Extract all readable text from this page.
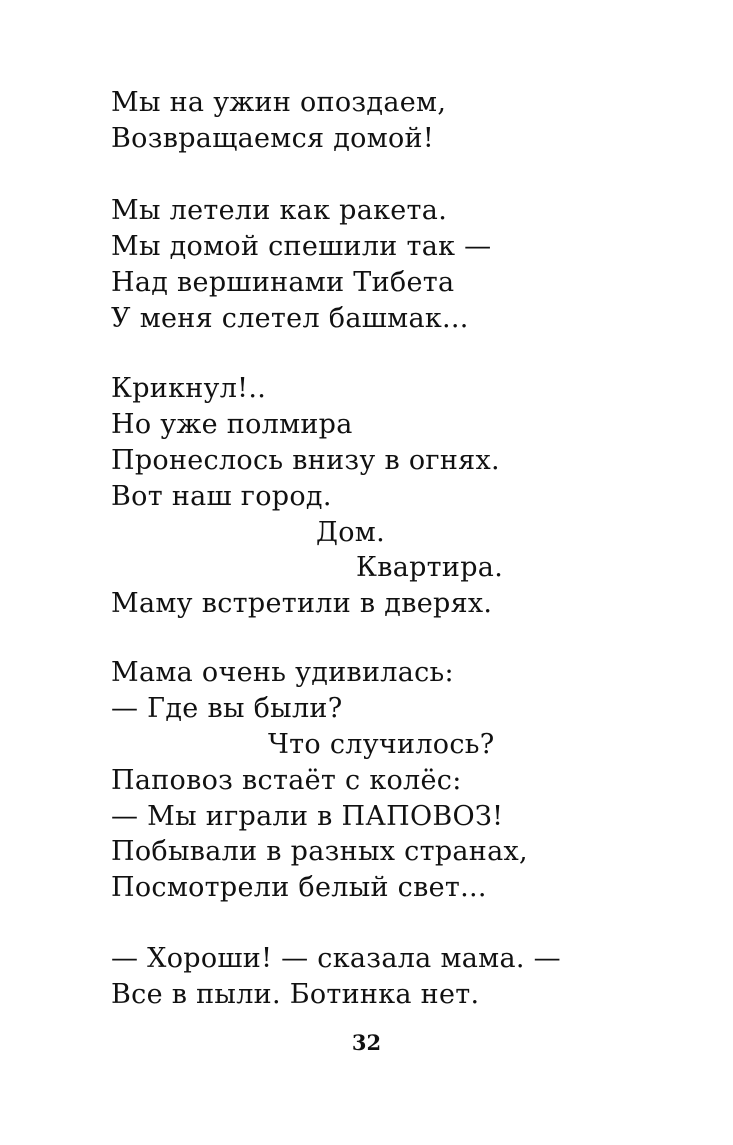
Мы на ужин опоздаем,
Возвращаемся домой!
Мы летели как ракета.
Мы домой спешили так —
Над вершинами Тибета
У меня слетел башмак...
Крикнул!..
Но уже полмира
Пронеслось внизу в огнях.
Вот наш город.
Дом.
Квартира.
Маму встретили в дверях.
Мама очень удивилась:
— Где вы были?
Что случилось?
Паповоз встаёт с колёс:
— Мы играли в ПАПОВОЗ!
Побывали в разных странах,
Посмотрели белый свет...
— Хороши! — сказала мама. —
Все в пыли. Ботинка нет.
32
